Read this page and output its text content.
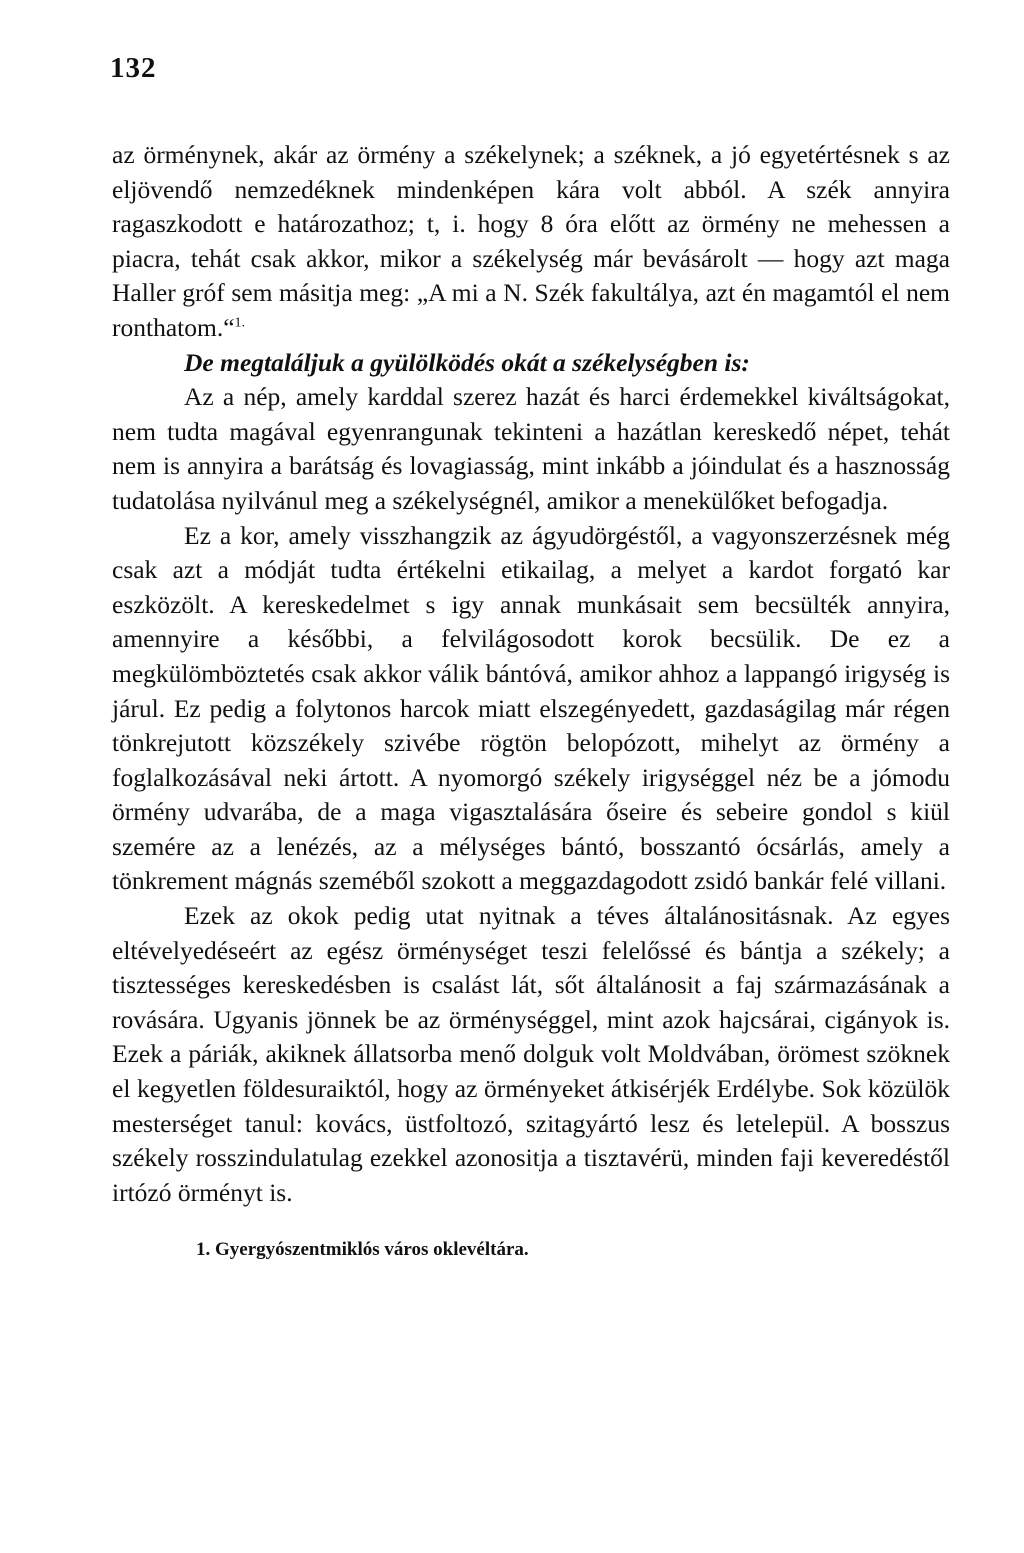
132

az örménynek, akár az örmény a székelynek; a széknek, a jó egyetértésnek s az eljövendő nemzedéknek mindenképen kára volt abból. A szék annyira ragaszkodott e határozathoz; t, i. hogy 8 óra előtt az örmény ne mehessen a piacra, tehát csak akkor, mikor a székelység már bevásárolt — hogy azt maga Haller gróf sem másitja meg: „A mi a N. Szék fakultálya, azt én magamtól el nem ronthatom.“$^{1.}$

De megtaláljuk a gyülölködés okát a székelységben is:

Az a nép, amely karddal szerez hazát és harci érdemekkel kiváltságokat, nem tudta magával egyenrangunak tekinteni a hazátlan kereskedő népet, tehát nem is annyira a barátság és lovagiasság, mint inkább a jóindulat és a hasznosság tudatolása nyilvánul meg a székelységnél, amikor a menekülőket befogadja.

Ez a kor, amely visszhangzik az ágyudörgéstől, a vagyonszerzésnek még csak azt a módját tudta értékelni etikailag, a melyet a kardot forgató kar eszközölt. A kereskedelmet s igy annak munkásait sem becsülték annyira, amennyire a későbbi, a felvilágosodott korok becsülik. De ez a megkülömböztetés csak akkor válik bántóvá, amikor ahhoz a lappangó irigység is járul. Ez pedig a folytonos harcok miatt elszegényedett, gazdaságilag már régen tönkrejutott közszékely szivébe rögtön belopózott, mihelyt az örmény a foglalkozásával neki ártott. A nyomorgó székely irigységgel néz be a jómodu örmény udvarába, de a maga vigasztalására őseire és sebeire gondol s kiül szemére az a lenézés, az a mélységes bántó, bosszantó ócsárlás, amely a tönkrement mágnás szeméből szokott a meggazdagodott zsidó bankár felé villani.

Ezek az okok pedig utat nyitnak a téves általánositásnak. Az egyes eltévelyedéseért az egész örménységet teszi felelőssé és bántja a székely; a tisztességes kereskedésben is csalást lát, sőt általánosit a faj származásának a rovására. Ugyanis jönnek be az örménységgel, mint azok hajcsárai, cigányok is. Ezek a páriák, akiknek állatsorba menő dolguk volt Moldvában, örömest szöknek el kegyetlen földesuraiktól, hogy az örményeket átkisérjék Erdélybe. Sok közülök mesterséget tanul: kovács, üstfoltozó, szitagyártó lesz és letelepül. A bosszus székely rosszindulatulag ezekkel azonositja a tisztavérü, minden faji keveredéstől irtózó örményt is.

1. Gyergyószentmiklós város oklevéltára.
